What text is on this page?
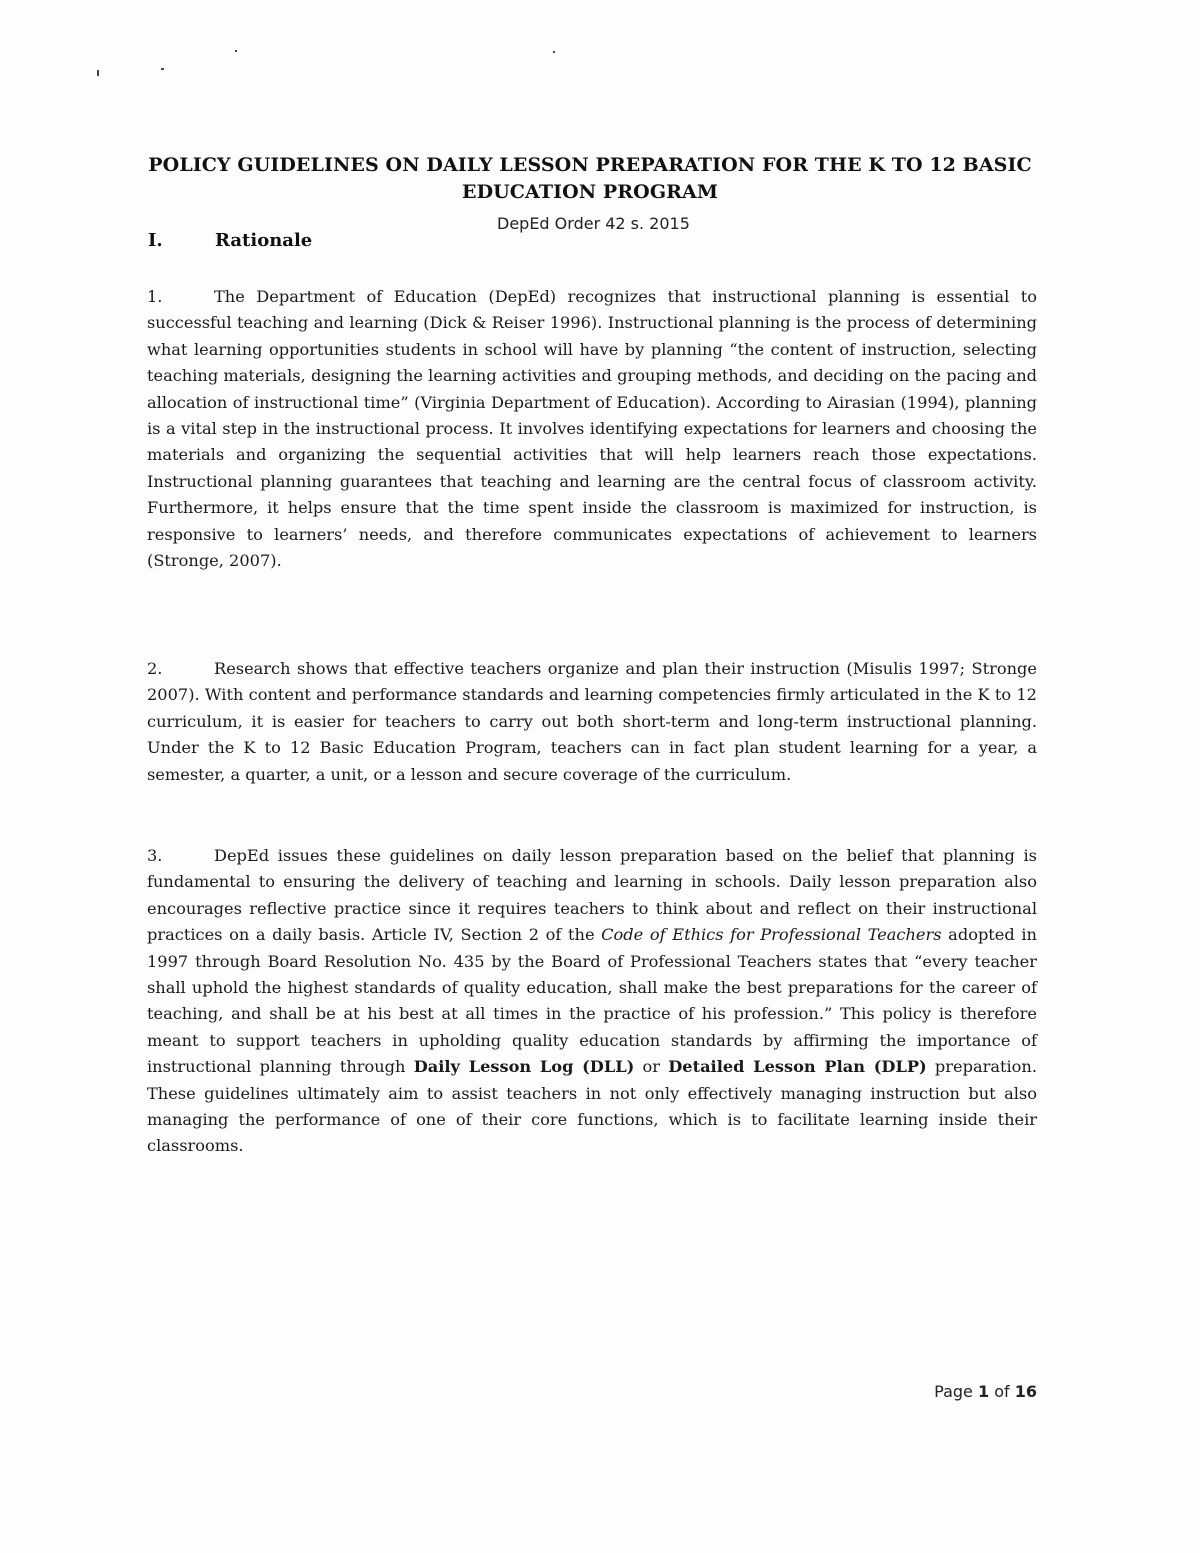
POLICY GUIDELINES ON DAILY LESSON PREPARATION FOR THE K TO 12 BASIC
EDUCATION PROGRAM
DepEd Order 42 s. 2015
I.	Rationale
1.	The Department of Education (DepEd) recognizes that instructional planning is essential to successful teaching and learning (Dick & Reiser 1996). Instructional planning is the process of determining what learning opportunities students in school will have by planning “the content of instruction, selecting teaching materials, designing the learning activities and grouping methods, and deciding on the pacing and allocation of instructional time” (Virginia Department of Education). According to Airasian (1994), planning is a vital step in the instructional process. It involves identifying expectations for learners and choosing the materials and organizing the sequential activities that will help learners reach those expectations. Instructional planning guarantees that teaching and learning are the central focus of classroom activity. Furthermore, it helps ensure that the time spent inside the classroom is maximized for instruction, is responsive to learners’ needs, and therefore communicates expectations of achievement to learners (Stronge, 2007).
2.	Research shows that effective teachers organize and plan their instruction (Misulis 1997; Stronge 2007). With content and performance standards and learning competencies firmly articulated in the K to 12 curriculum, it is easier for teachers to carry out both short-term and long-term instructional planning. Under the K to 12 Basic Education Program, teachers can in fact plan student learning for a year, a semester, a quarter, a unit, or a lesson and secure coverage of the curriculum.
3.	DepEd issues these guidelines on daily lesson preparation based on the belief that planning is fundamental to ensuring the delivery of teaching and learning in schools. Daily lesson preparation also encourages reflective practice since it requires teachers to think about and reflect on their instructional practices on a daily basis. Article IV, Section 2 of the Code of Ethics for Professional Teachers adopted in 1997 through Board Resolution No. 435 by the Board of Professional Teachers states that “every teacher shall uphold the highest standards of quality education, shall make the best preparations for the career of teaching, and shall be at his best at all times in the practice of his profession.” This policy is therefore meant to support teachers in upholding quality education standards by affirming the importance of instructional planning through Daily Lesson Log (DLL) or Detailed Lesson Plan (DLP) preparation. These guidelines ultimately aim to assist teachers in not only effectively managing instruction but also managing the performance of one of their core functions, which is to facilitate learning inside their classrooms.
Page 1 of 16
